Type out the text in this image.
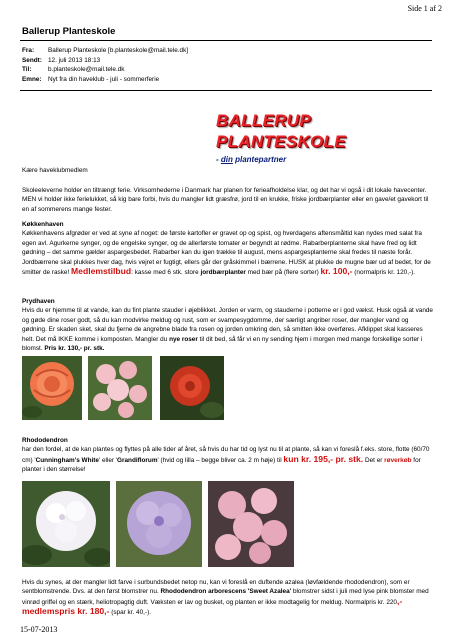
Side 1 af 2
Ballerup Planteskole
Fra:	Ballerup Planteskole [b.planteskole@mail.tele.dk]
Sendt: 12. juli 2013 18:13
Til:	b.planteskole@mail.tele.dk
Emne:	Nyt fra din haveklub - juli - sommerferie
BALLERUP
PLANTESKOLE
- din plantepartner
Kære haveklubmedlem

Skoleeleverne holder en tiltrængt ferie. Virksomhederne i Danmark har planen for ferieafholdelse klar, og det har vi også i dit lokale havecenter. MEN vi holder ikke ferielukket, så kig bare forbi, hvis du mangler lidt græsfrø, jord til en krukke, friske jordbærplanter eller en gave/et gavekort til en af sommerens mange fester.

Køkkenhaven

Køkkenhavens afgrøder er ved at syne af noget: de første kartofler er gravet op og spist, og hverdagens aftensmåltid kan nydes med salat fra egen avl. Agurkerne synger, og de engelske synger, og de allerførste tomater er begyndt at rødme. Rabarberplanterne skal have fred og lidt gødning – det samme gælder aspargesbedet. Rabarber kan du igen trække til august, mens aspargesplanterne skal fredes til næste forår. Jordbærrene skal plukkes hver dag, hvis vejret er fugtigt, ellers går der gråskimmel i bærrene. HUSK at plukke de mugne bær ud af bedet, for de smitter de raske! Medlemstilbud: kasse med 6 stk. store jordbærplanter med bær på (flere sorter) kr. 100,- (normalpris kr. 120,-).

Prydhaven

Hvis du er hjemme til at vande, kan du fint plante stauder i øjeblikket. Jorden er varm, og stauderne i potterne er i god vækst. Husk også at vande og gøde dine roser godt, så du kan modvirke meldug og rust, som er svampesygdomme, der særligt angriber roser, der mangler vand og gødning. Er skaden sket, skal du fjerne de angrebne blade fra rosen og jorden omkring den, så smitten ikke overføres. Afklippet skal kasseres helt. Det må IKKE komme i komposten. Mangler du nye roser til dit bed, så får vi en ny sending hjem i morgen med mange forskellige sorter i blomst. Pris kr. 130,- pr. stk.

Rhododendron

har den fordel, at de kan plantes og flyttes på alle tider af året, så hvis du har tid og lyst nu til at plante, så kan vi foreslå f.eks. store, flotte (60/70 cm) 'Cunningham's White' eller 'Grandiflorum' (hvid og lilla – begge bliver ca. 2 m høje) til kun kr. 195,- pr. stk. Det er røverkøb for planter i den størrelse!

Hvis du synes, at der mangler lidt farve i surbundsbedet netop nu, kan vi foreslå en duftende azalea (løvfældende rhododendron), som er sentblomstrende. Dvs. at den først blomstrer nu. Rhododendron arborescens 'Sweet Azalea' blomstrer sidst i juli med lyse pink blomster med vinrød griffel og en stærk, heliotropagtig duft. Væksten er lav og busket, og planten er ikke modtagelig for meldug. Normalpris kr. 220,- medlemspris kr. 180,- (spar kr. 40,-).

15-07-2013
